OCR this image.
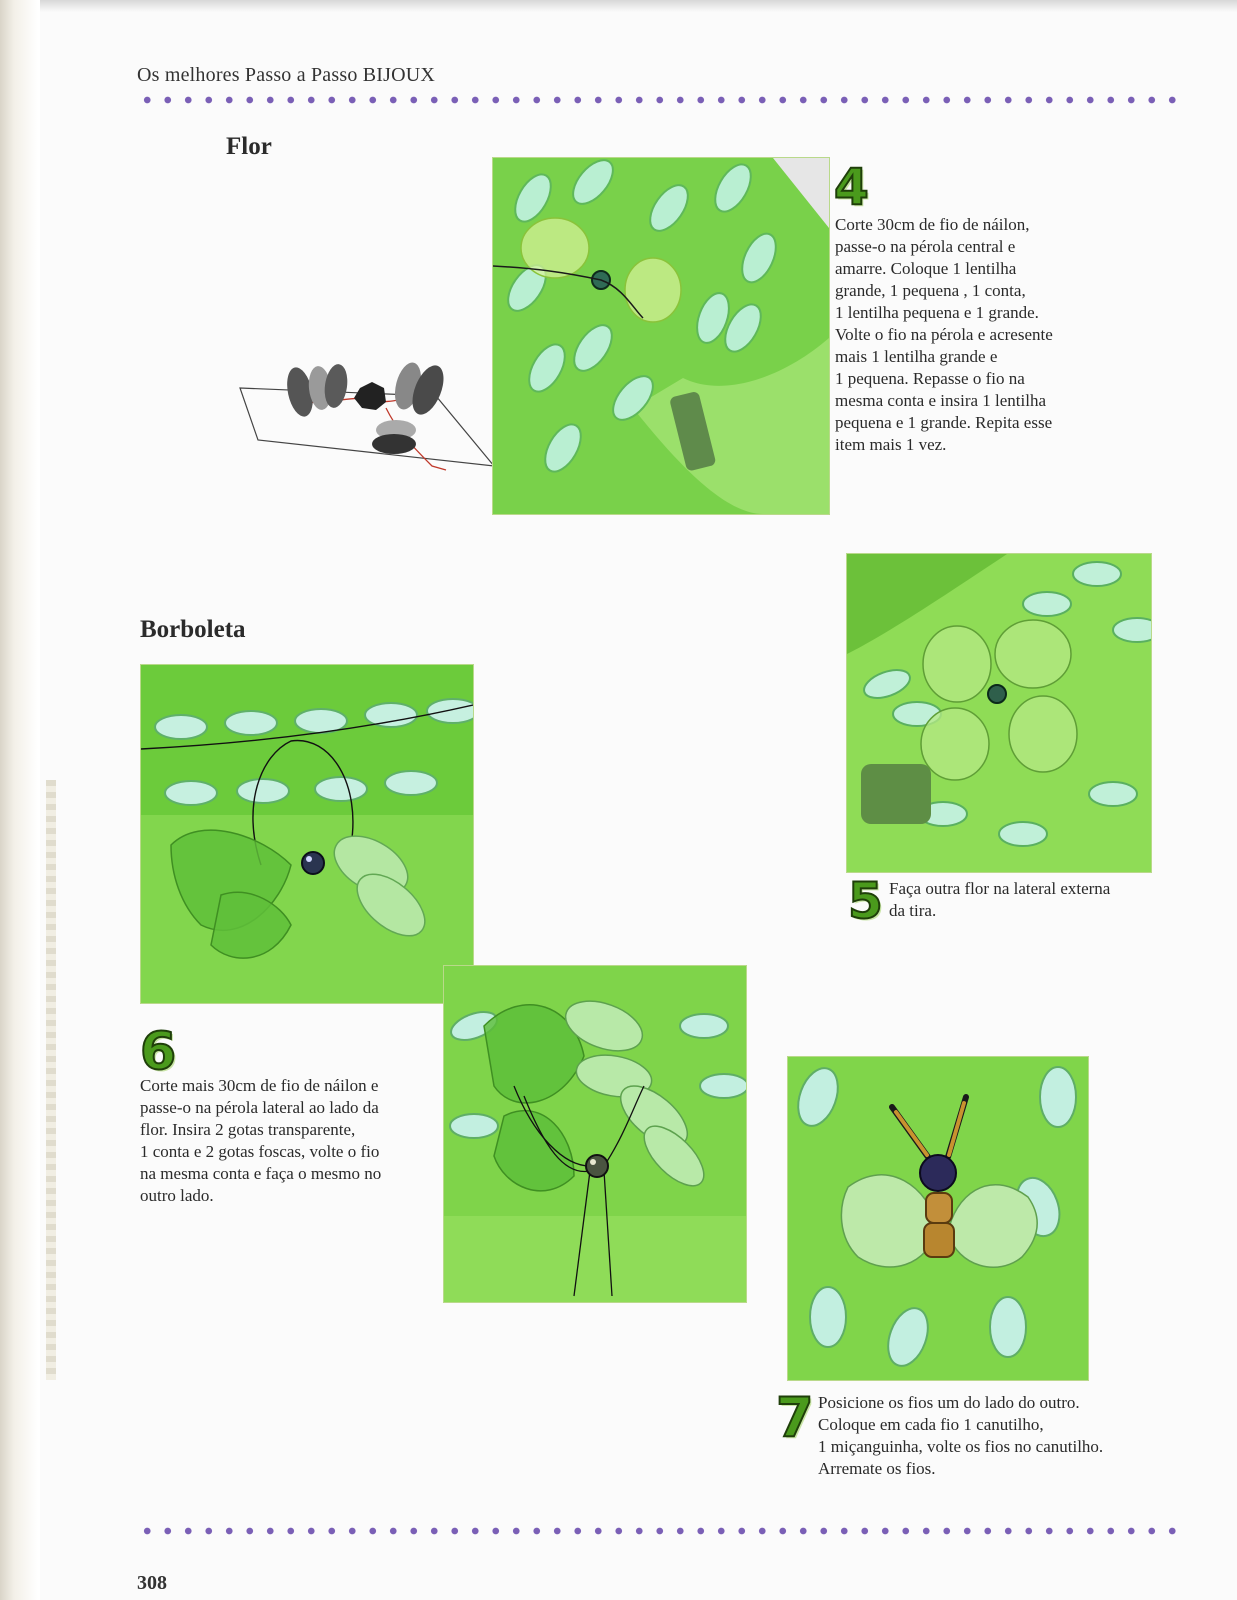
Os melhores Passo a Passo BIJOUX
Flor
4
Corte 30cm de fio de náilon,
passe-o na pérola central e
amarre. Coloque 1 lentilha
grande, 1 pequena , 1 conta,
1 lentilha pequena e 1 grande.
Volte o fio na pérola e acresente
mais 1 lentilha grande e
1 pequena. Repasse o fio na
mesma conta e insira 1 lentilha
pequena e 1 grande. Repita esse
item mais 1 vez.
5 Faça outra flor na lateral externa
da tira.
Borboleta
6
Corte mais 30cm de fio de náilon e
passe-o na pérola lateral ao lado da
flor. Insira 2 gotas transparente,
1 conta e 2 gotas foscas, volte o fio
na mesma conta e faça o mesmo no
outro lado.
7 Posicione os fios um do lado do outro.
Coloque em cada fio 1 canutilho,
1 miçanguinha, volte os fios no canutilho.
Arremate os fios.
308
